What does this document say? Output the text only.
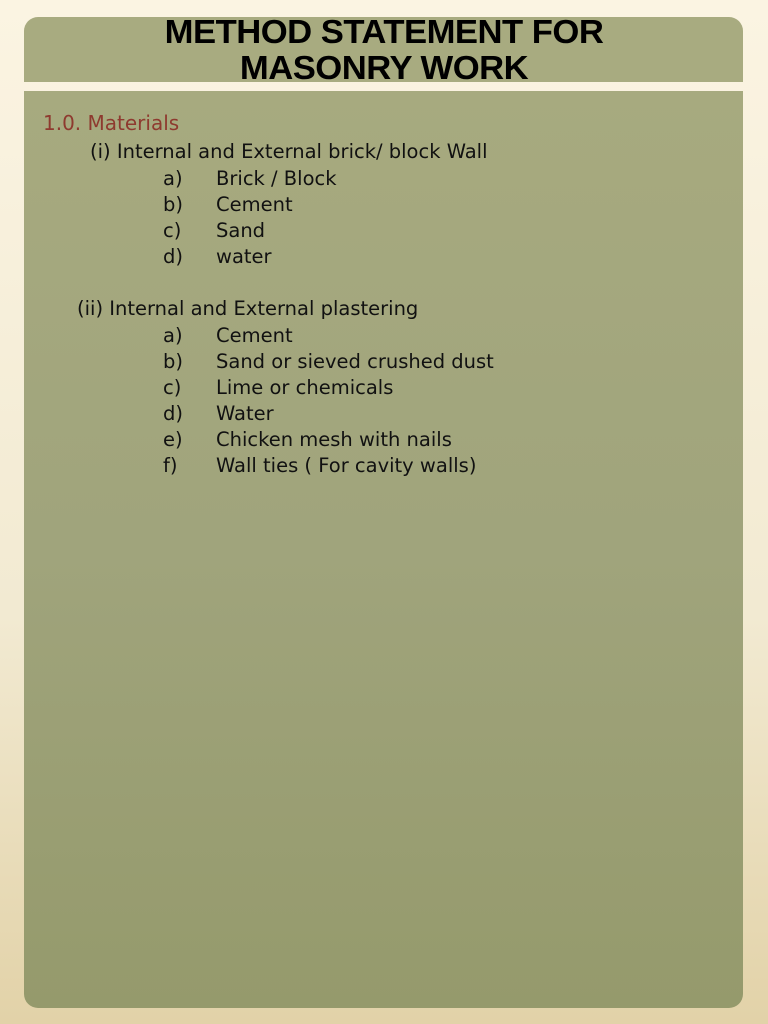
METHOD STATEMENT FOR
MASONRY WORK
1.0. Materials

(i) Internal and External brick/ block Wall

a) Brick / Block
b) Cement
c) Sand
d) water

(ii) Internal and External plastering

a) Cement
b) Sand or sieved crushed dust
c) Lime or chemicals
d) Water
e) Chicken mesh with nails
f) Wall ties ( For cavity walls)
